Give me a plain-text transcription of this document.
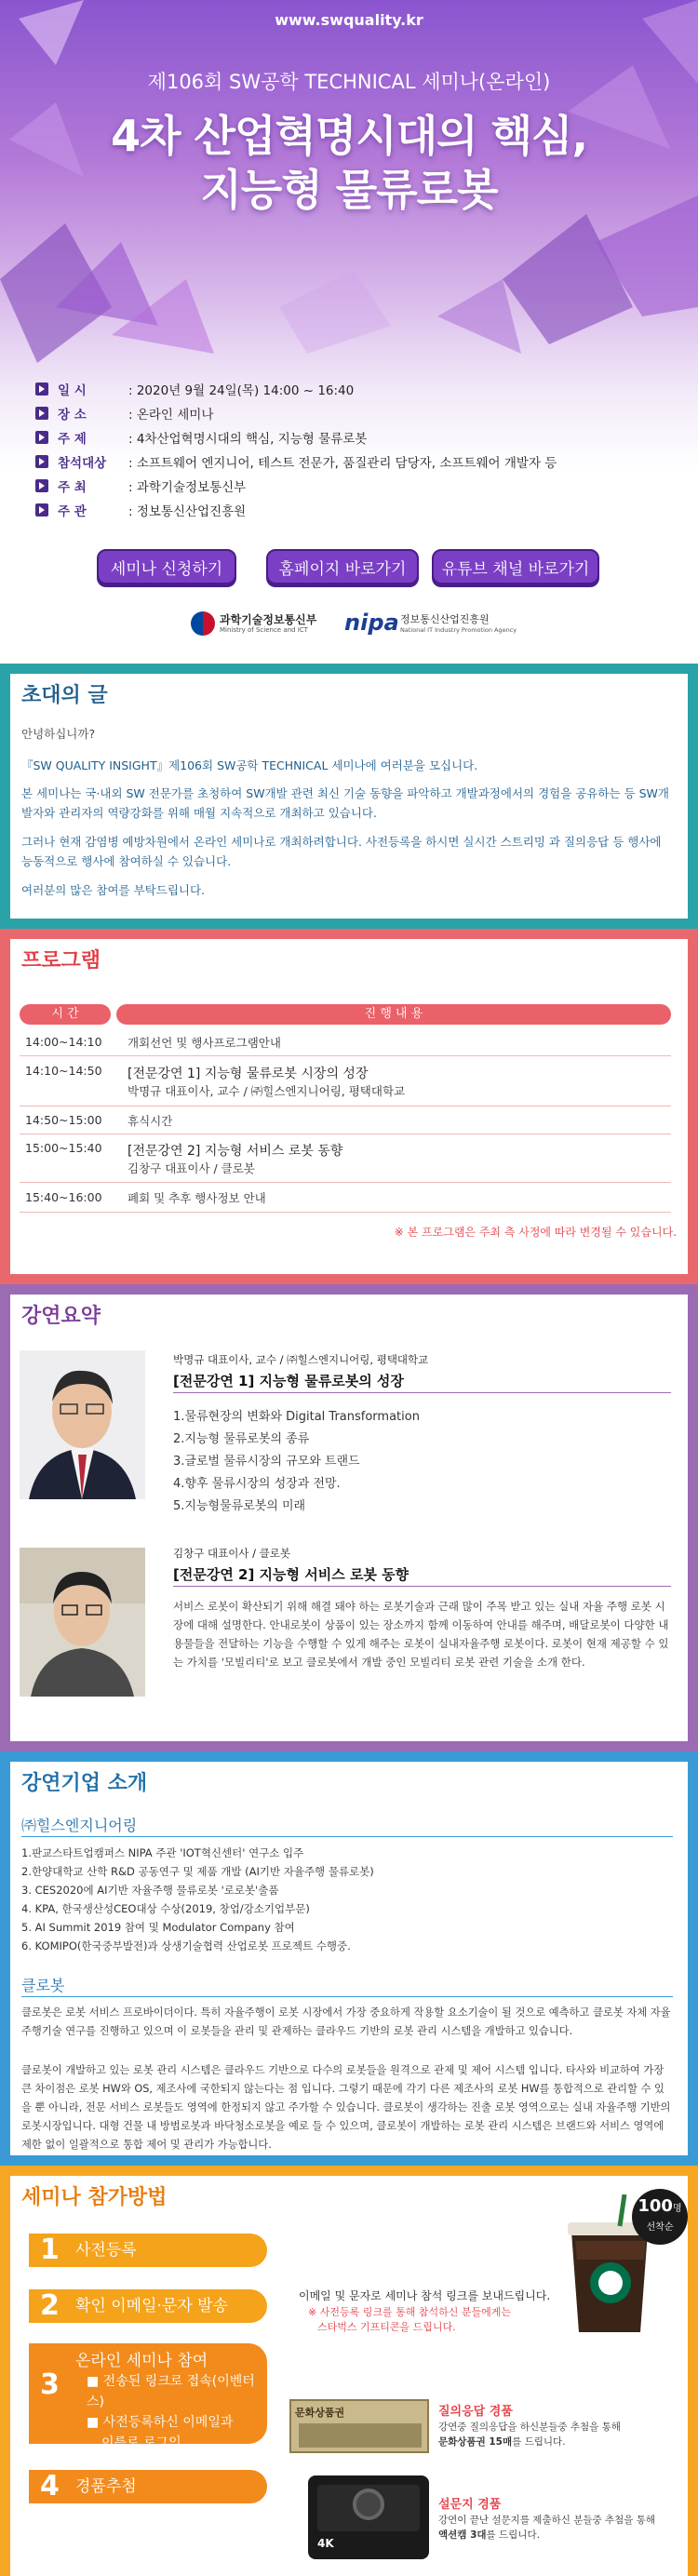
www.swquality.kr
제106회 SW공학 TECHNICAL 세미나(온라인)
4차 산업혁명시대의 핵심,
지능형 물류로봇
일 시	: 2020년 9월 24일(목) 14:00 ~ 16:40
장 소	: 온라인 세미나
주 제	: 4차산업혁명시대의 핵심, 지능형 물류로봇
참석대상	: 소프트웨어 엔지니어, 테스트 전문가, 품질관리 담당자, 소프트웨어 개발자 등
주 최	: 과학기술정보통신부
주 관	: 정보통신산업진흥원
세미나 신청하기	홈페이지 바로가기	유튜브 채널 바로가기
과학기술정보통신부
Ministry of Science and ICT nipa 정보통신산업진흥원
National IT Industry Promotion Agency
초대의 글
안녕하십니까?
『SW QUALITY INSIGHT』제106회 SW공학 TECHNICAL 세미나에 여러분을 모십니다.
본 세미나는 국·내외 SW 전문가를 초청하여 SW개발 관련 최신 기술 동향을 파악하고 개발과정에서의 경험을 공유하는 등 SW개발자와 관리자의 역량강화를 위해 매월 지속적으로 개최하고 있습니다.
그러나 현재 감염병 예방차원에서 온라인 세미나로 개최하려합니다. 사전등록을 하시면 실시간 스트리밍 과 질의응답 등 행사에 능동적으로 행사에 참여하실 수 있습니다.
여러분의 많은 참여를 부탁드립니다.
프로그램
시 간	진 행 내 용
14:00~14:10	개회선언 및 행사프로그램안내
14:10~14:50	[전문강연 1] 지능형 물류로봇 시장의 성장
박명규 대표이사, 교수 / ㈜힐스엔지니어링, 평택대학교
14:50~15:00	휴식시간
15:00~15:40	[전문강연 2] 지능형 서비스 로봇 동향
김창구 대표이사 / 클로봇
15:40~16:00	폐회 및 추후 행사정보 안내
※ 본 프로그램은 주최 측 사정에 따라 변경될 수 있습니다.
강연요약
박명규 대표이사, 교수 / ㈜힐스엔지니어링, 평택대학교
[전문강연 1] 지능형 물류로봇의 성장
1.물류현장의 변화와 Digital Transformation
2.지능형 물류로봇의 종류
3.글로벌 물류시장의 규모와 트랜드
4.향후 물류시장의 성장과 전망.
5.지능형물류로봇의 미래
김창구 대표이사 / 클로봇
[전문강연 2] 지능형 서비스 로봇 동향
서비스 로봇이 확산되기 위해 해결 돼야 하는 로봇기술과 근래 많이 주목 받고 있는 실내 자율 주행 로봇 시장에 대해 설명한다. 안내로봇이 상품이 있는 장소까지 함께 이동하여 안내를 해주며, 배달로봇이 다양한 내용물들을 전달하는 기능을 수행할 수 있게 해주는 로봇이 실내자율주행 로봇이다. 로봇이 현재 제공할 수 있는 가치를 '모빌리티'로 보고 클로봇에서 개발 중인 모빌리티 로봇 관련 기술을 소개 한다.
강연기업 소개
㈜힐스엔지니어링
1.판교스타트업캠퍼스 NIPA 주관 'IOT혁신센터' 연구소 입주
2.한양대학교 산학 R&D 공동연구 및 제품 개발 (AI기반 자율주행 물류로봇)
3. CES2020에 AI기반 자율주행 물류로봇 '로로봇'출품
4. KPA, 한국생산성CEO대상 수상(2019, 창업/강소기업부문)
5. AI Summit 2019 참여 및 Modulator Company 참여
6. KOMIPO(한국중부발전)과 상생기술협력 산업로봇 프로젝트 수행중.
클로봇
클로봇은 로봇 서비스 프로바이더이다. 특히 자율주행이 로봇 시장에서 가장 중요하게 작용할 요소기술이 될 것으로 예측하고 클로봇 자체 자율주행기술 연구를 진행하고 있으며 이 로봇들을 관리 및 관제하는 클라우드 기반의 로봇 관리 시스템을 개발하고 있습니다.
클로봇이 개발하고 있는 로봇 관리 시스템은 클라우드 기반으로 다수의 로봇들을 원격으로 관제 및 제어 시스템 입니다. 타사와 비교하여 가장 큰 차이점은 로봇 HW와 OS, 제조사에 국한되지 않는다는 점 입니다. 그렇기 때문에 각기 다른 제조사의 로봇 HW를 통합적으로 관리할 수 있을 뿐 아니라, 전문 서비스 로봇들도 영역에 한정되지 않고 주가할 수 있습니다. 클로봇이 생각하는 진출 로봇 영역으로는 실내 자율주행 기반의 로봇시장입니다. 대형 건물 내 방범로봇과 바닥청소로봇을 예로 들 수 있으며, 클로봇이 개발하는 로봇 관리 시스템은 브랜드와 서비스 영역에 제한 없이 일괄적으로 통합 제어 및 관리가 가능합니다.
세미나 참가방법
1 사전등록
2 확인 이메일·문자 발송
3
온라인 세미나 참여
■ 전송된 링크로 접속(이벤터스)
■ 사전등록하신 이메일과
이름로 로그인
4 경품추첨
이메일 및 문자로 세미나 참석 링크를 보내드립니다.
※ 사전등록 링크를 통해 참석하신 분들에게는
스타벅스 기프티콘을 드립니다.
100명
선착순
문화상품권	질의응답 경품
강연중 질의응답을 하신분들중 추첨을 통해
문화상품권 15매를 드립니다.
4K
설문지 경품
강연이 끝난 설문지를 제출하신 분들중 추첨을 통해
액션캠 3대를 드립니다.
